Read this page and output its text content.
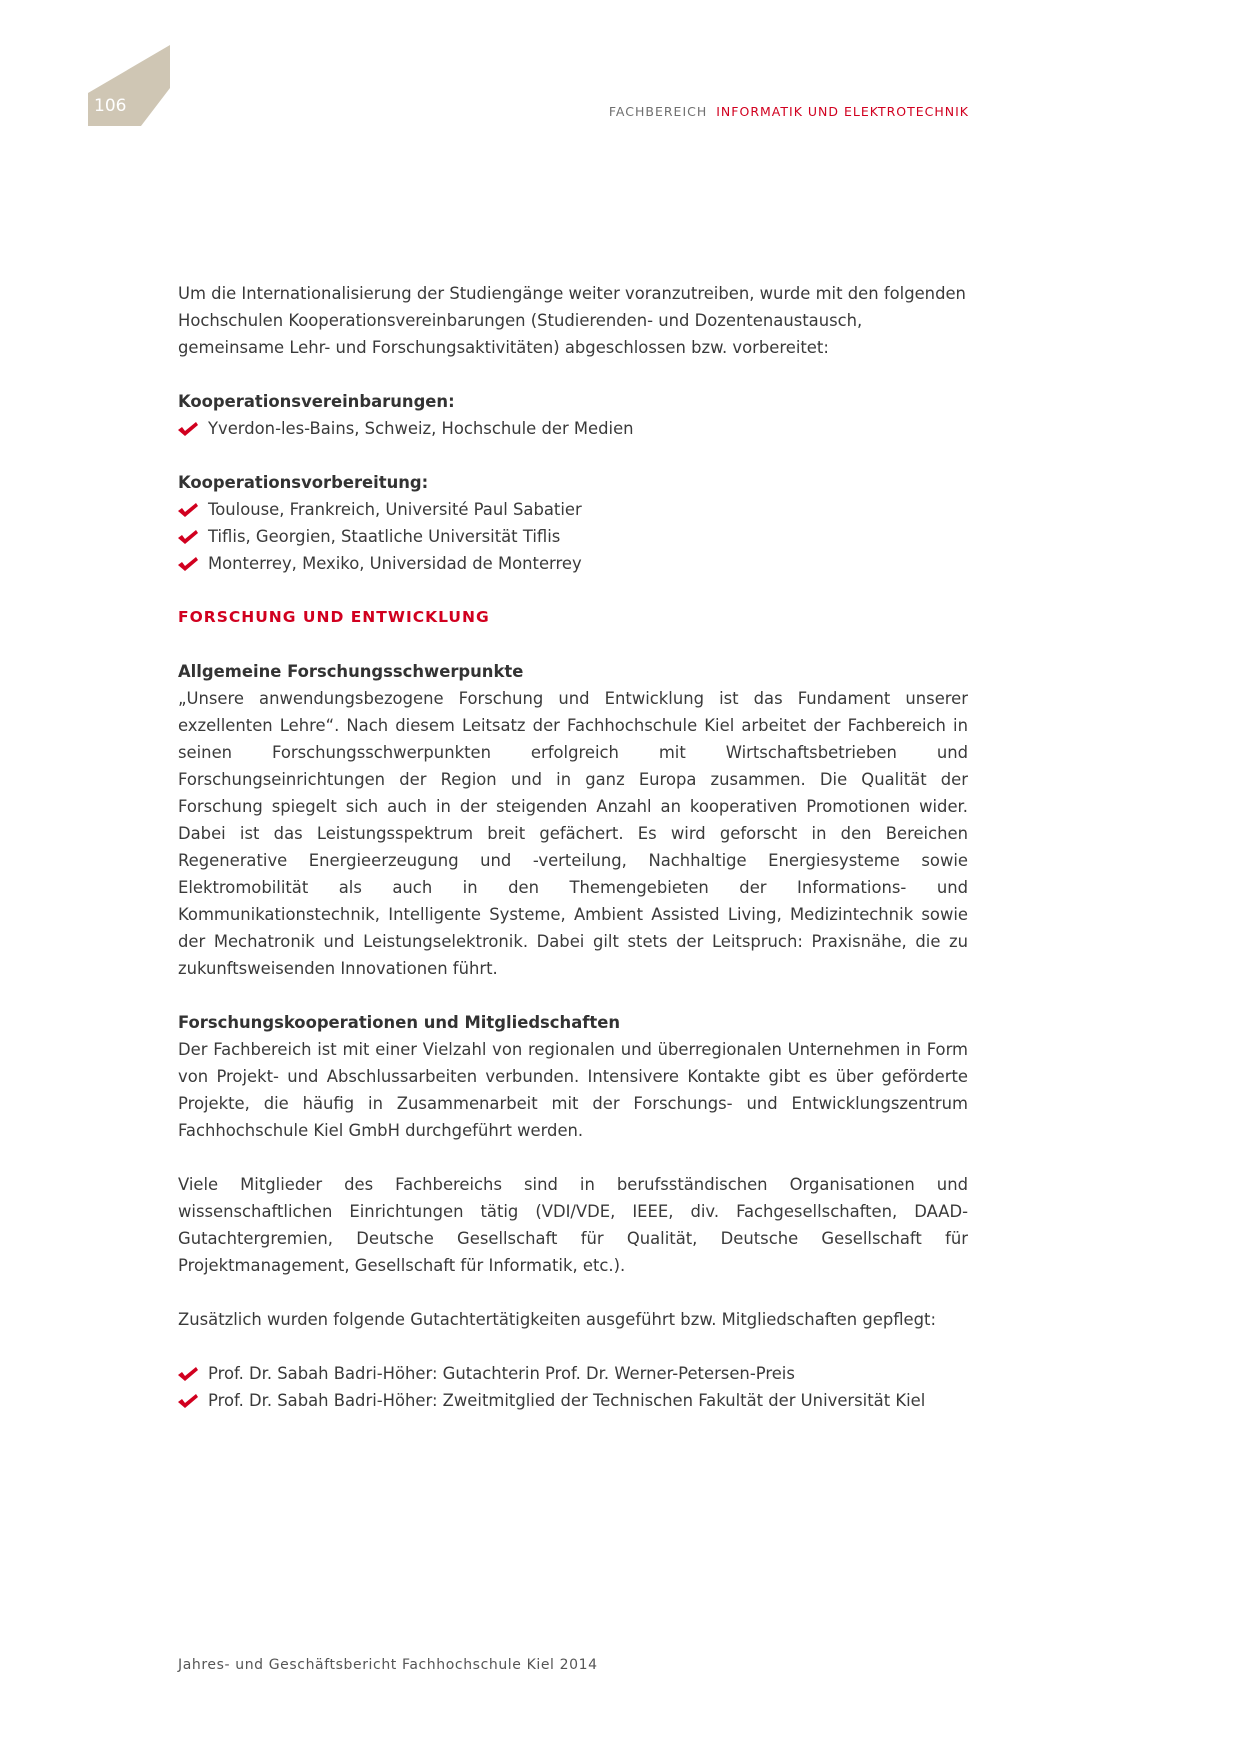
106	FACHBEREICH INFORMATIK UND ELEKTROTECHNIK

Um die Internationalisierung der Studiengänge weiter voranzutreiben, wurde mit den folgenden Hochschulen Kooperationsvereinbarungen (Studierenden- und Dozentenaustausch, gemeinsame Lehr- und Forschungsaktivitäten) abgeschlossen bzw. vorbereitet:

Kooperationsvereinbarungen:

Yverdon-les-Bains, Schweiz, Hochschule der Medien

Kooperationsvorbereitung:

Toulouse, Frankreich, Université Paul Sabatier
Tiflis, Georgien, Staatliche Universität Tiflis
Monterrey, Mexiko, Universidad de Monterrey

FORSCHUNG UND ENTWICKLUNG

Allgemeine Forschungsschwerpunkte

„Unsere anwendungsbezogene Forschung und Entwicklung ist das Fundament unserer exzellenten Lehre“. Nach diesem Leitsatz der Fachhochschule Kiel arbeitet der Fachbereich in seinen Forschungsschwerpunkten erfolgreich mit Wirtschaftsbetrieben und Forschungseinrichtungen der Region und in ganz Europa zusammen. Die Qualität der Forschung spiegelt sich auch in der steigenden Anzahl an kooperativen Promotionen wider. Dabei ist das Leistungsspektrum breit gefächert. Es wird geforscht in den Bereichen Regenerative Energieerzeugung und -verteilung, Nachhaltige Energiesysteme sowie Elektromobilität als auch in den Themengebieten der Informations- und Kommunikationstechnik, Intelligente Systeme, Ambient Assisted Living, Medizintechnik sowie der Mechatronik und Leistungselektronik. Dabei gilt stets der Leitspruch: Praxisnähe, die zu zukunftsweisenden Innovationen führt.

Forschungskooperationen und Mitgliedschaften

Der Fachbereich ist mit einer Vielzahl von regionalen und überregionalen Unternehmen in Form von Projekt- und Abschlussarbeiten verbunden. Intensivere Kontakte gibt es über geförderte Projekte, die häufig in Zusammenarbeit mit der Forschungs- und Entwicklungszentrum Fachhochschule Kiel GmbH durchgeführt werden.

Viele Mitglieder des Fachbereichs sind in berufsständischen Organisationen und wissenschaftlichen Einrichtungen tätig (VDI/VDE, IEEE, div. Fachgesellschaften, DAAD-Gutachtergremien, Deutsche Gesellschaft für Qualität, Deutsche Gesellschaft für Projektmanagement, Gesellschaft für Informatik, etc.).

Zusätzlich wurden folgende Gutachtertätigkeiten ausgeführt bzw. Mitgliedschaften gepflegt:

Prof. Dr. Sabah Badri-Höher: Gutachterin Prof. Dr. Werner-Petersen-Preis
Prof. Dr. Sabah Badri-Höher: Zweitmitglied der Technischen Fakultät der Universität Kiel
Jahres- und Geschäftsbericht Fachhochschule Kiel 2014
